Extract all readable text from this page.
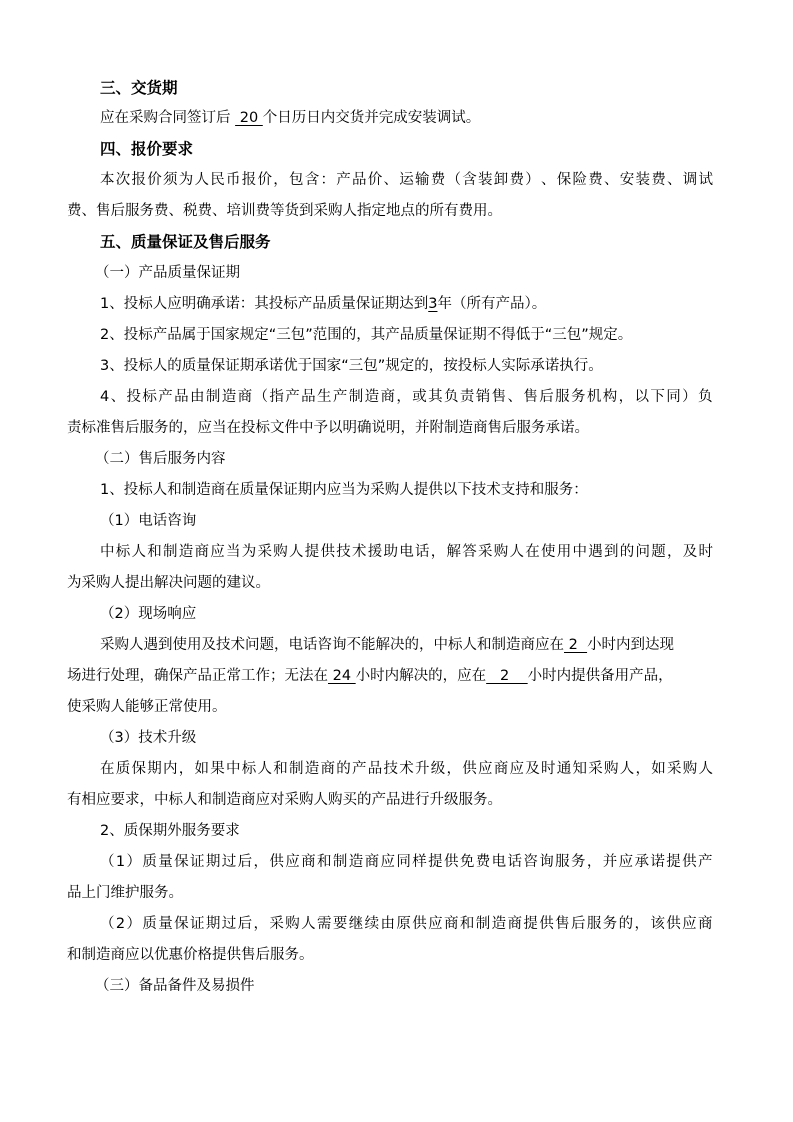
三、交货期
应在采购合同签订后  20 个日历日内交货并完成安装调试。
四、报价要求
本 次 报 价 须 为 人 民 币 报 价 ， 包 含 ： 产 品 价 、 运 输 费 （ 含 装 卸 费 ） 、 保 险 费 、 安 装 费 、 调 试
费、售后服务费、税费、培训费等货到采购人指定地点的所有费用。
五、质量保证及售后服务
（一）产品质量保证期
1、投标人应明确承诺：其投标产品质量保证期达到3年（所有产品）。
2、投标产品属于国家规定“三包”范围的，其产品质量保证期不得低于“三包”规定。
3、投标人的质量保证期承诺优于国家“三包”规定的，按投标人实际承诺执行。
4 、 投 标 产 品 由 制 造 商 （ 指 产 品 生 产 制 造 商 ， 或 其 负 责 销 售 、 售 后 服 务 机 构 ， 以 下 同 ） 负
责标准售后服务的，应当在投标文件中予以明确说明，并附制造商售后服务承诺。
（二）售后服务内容
1、投标人和制造商在质量保证期内应当为采购人提供以下技术支持和服务：
（1）电话咨询
中 标 人 和 制 造 商 应 当 为 采 购 人 提 供 技 术 援 助 电 话 ， 解 答 采 购 人 在 使 用 中 遇 到 的 问 题 ， 及 时
为采购人提出解决问题的建议。
（2）现场响应
采购人遇到使用及技术问题，电话咨询不能解决的，中标人和制造商应在 2  小时内到达现
场进行处理，确保产品正常工作；无法在 24 小时内解决的，应在   2    小时内提供备用产品，
使采购人能够正常使用。
（3）技术升级
在 质 保 期 内 ， 如 果 中 标 人 和 制 造 商 的 产 品 技 术 升 级 ， 供 应 商 应 及 时 通 知 采 购 人 ， 如 采 购 人
有相应要求，中标人和制造商应对采购人购买的产品进行升级服务。
2、质保期外服务要求
（ 1 ） 质 量 保 证 期 过 后 ， 供 应 商 和 制 造 商 应 同 样 提 供 免 费 电 话 咨 询 服 务 ， 并 应 承 诺 提 供 产
品上门维护服务。
（ 2 ） 质 量 保 证 期 过 后 ， 采 购 人 需 要 继 续 由 原 供 应 商 和 制 造 商 提 供 售 后 服 务 的 ， 该 供 应 商
和制造商应以优惠价格提供售后服务。
（三）备品备件及易损件
